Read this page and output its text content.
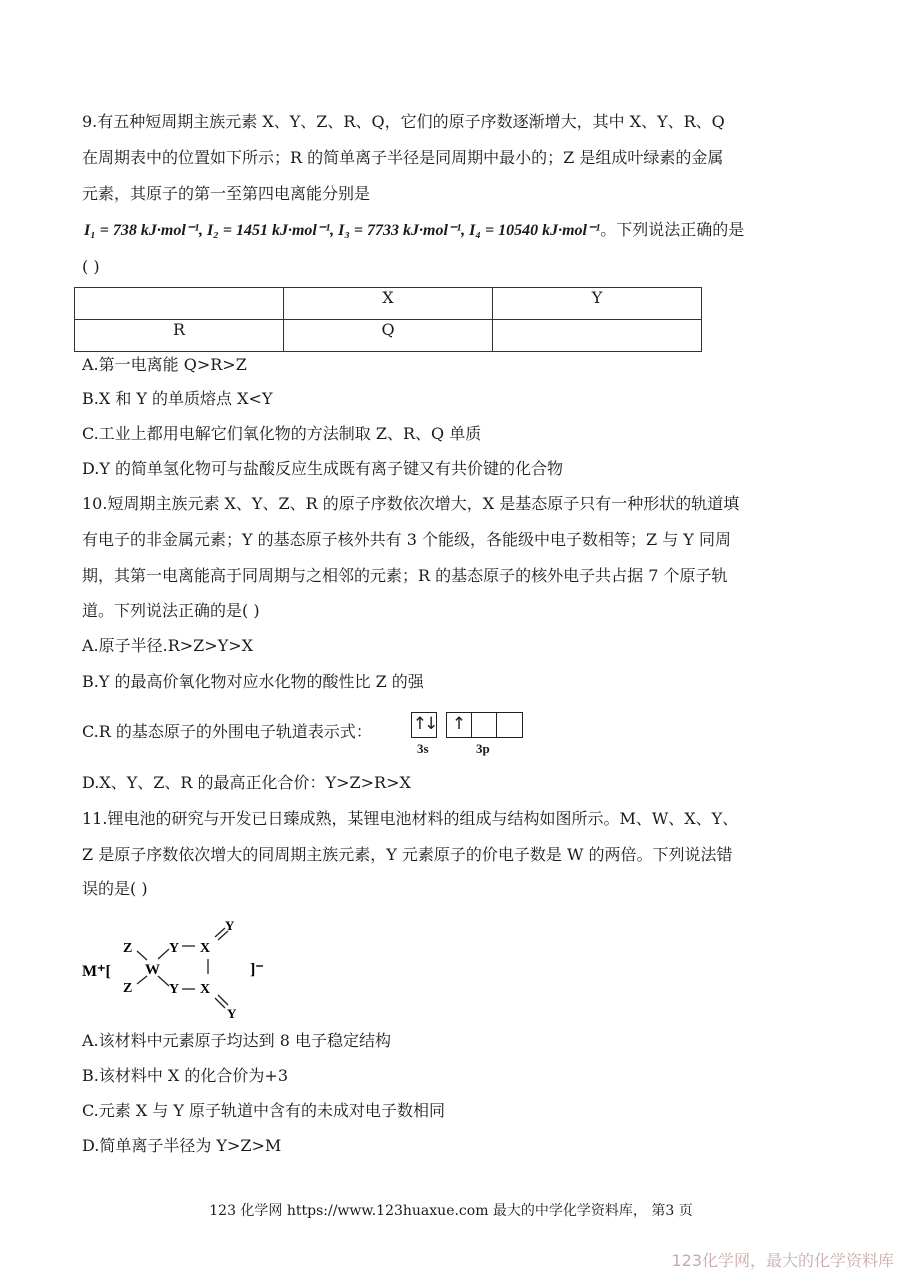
9.有五种短周期主族元素 X、Y、Z、R、Q，它们的原子序数逐渐增大，其中 X、Y、R、Q
在周期表中的位置如下所示；R 的简单离子半径是同周期中最小的；Z 是组成叶绿素的金属
元素，其原子的第一至第四电离能分别是
I₁ = 738 kJ·mol⁻¹, I₂ = 1451 kJ·mol⁻¹, I₃ = 7733 kJ·mol⁻¹, I₄ = 10540 kJ·mol⁻¹。下列说法正确的是
( )
	X	Y
R	Q	
A.第一电离能 Q>R>Z
B.X 和 Y 的单质熔点 X<Y
C.工业上都用电解它们氧化物的方法制取 Z、R、Q 单质
D.Y 的简单氢化物可与盐酸反应生成既有离子键又有共价键的化合物
10.短周期主族元素 X、Y、Z、R 的原子序数依次增大，X 是基态原子只有一种形状的轨道填
有电子的非金属元素；Y 的基态原子核外共有 3 个能级，各能级中电子数相等；Z 与 Y 同周
期，其第一电离能高于同周期与之相邻的元素；R 的基态原子的核外电子共占据 7 个原子轨
道。下列说法正确的是( )
A.原子半径.R>Z>Y>X
B.Y 的最高价氧化物对应水化物的酸性比 Z 的强
C.R 的基态原子的外围电子轨道表示式： ↑↓ ↑
3s	3p
D.X、Y、Z、R 的最高正化合价：Y>Z>R>X
11.锂电池的研究与开发已日臻成熟，某锂电池材料的组成与结构如图所示。M、W、X、Y、
Z 是原子序数依次增大的同周期主族元素，Y 元素原子的价电子数是 W 的两倍。下列说法错
误的是( )
M⁺[
Z
Z
W
Y
Y
X
X
Y
Y
]⁻
A.该材料中元素原子均达到 8 电子稳定结构
B.该材料中 X 的化合价为+3
C.元素 X 与 Y 原子轨道中含有的未成对电子数相同
D.简单离子半径为 Y>Z>M
123 化学网 https://www.123huaxue.com 最大的中学化学资料库， 第3 页
123化学网，最大的化学资料库
